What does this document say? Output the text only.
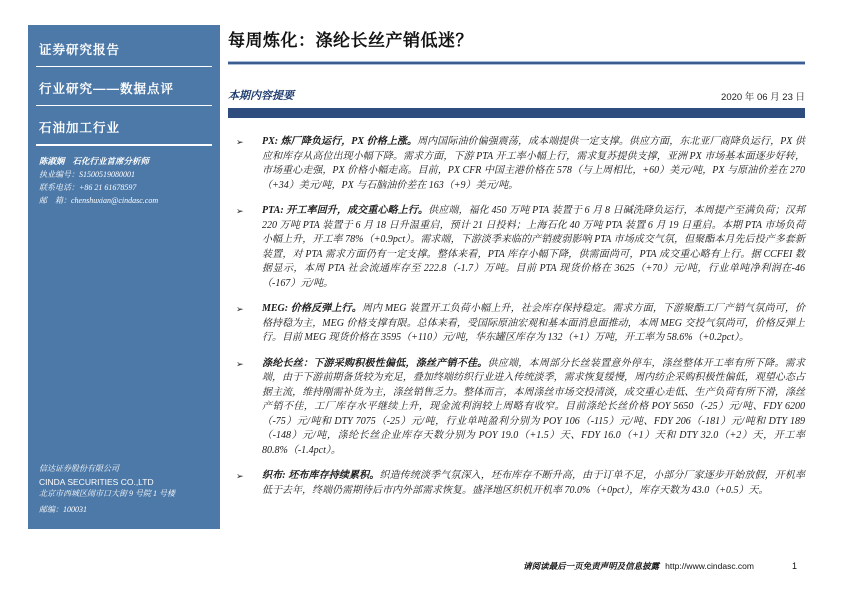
证券研究报告
行业研究——数据点评
石油加工行业
陈淑娴 石化行业首席分析师
执业编号：S1500519080001
联系电话：+86 21 61678597
邮　箱：chenshuxian@cindasc.com
信达证券股份有限公司
CINDA SECURITIES CO.,LTD
北京市西城区闹市口大街 9 号院 1 号楼
邮编：100031
每周炼化：涤纶长丝产销低迷？
本期内容提要	2020 年 06 月 23 日
➢ PX: 炼厂降负运行，PX 价格上涨。周内国际油价偏强震荡，成本端提供一定支撑。供应方面，东北亚厂商降负运行，PX 供应和库存从高位出现小幅下降。需求方面，下游 PTA 开工率小幅上行，需求复苏提供支撑，亚洲 PX 市场基本面逐步好转，市场重心走强，PX 价格小幅走高。目前，PX CFR 中国主港价格在 578（与上周相比，+60）美元/吨，PX 与原油价差在 270（+34）美元/吨，PX 与石脑油价差在 163（+9）美元/吨。
➢ PTA: 开工率回升，成交重心略上行。供应端，福化 450 万吨 PTA 装置于 6 月 8 日碱洗降负运行，本周提产至满负荷；汉邦 220 万吨 PTA 装置于 6 月 18 日升温重启，预计 21 日投料；上海石化 40 万吨 PTA 装置 6 月 19 日重启。本期 PTA 市场负荷小幅上升，开工率 78%（+0.9pct）。需求端，下游淡季来临的产销疲弱影响 PTA 市场成交气氛，但聚酯本月先后投产多套新装置，对 PTA 需求方面仍有一定支撑。整体来看，PTA 库存小幅下降，供需面尚可，PTA 成交重心略有上行。据 CCFEI 数据显示，本周 PTA 社会流通库存至 222.8（-1.7）万吨。目前 PTA 现货价格在 3625（+70）元/吨，行业单吨净利润在-46（-167）元/吨。
➢ MEG: 价格反弹上行。周内 MEG 装置开工负荷小幅上升，社会库存保持稳定。需求方面，下游聚酯工厂产销气氛尚可，价格持稳为主，MEG 价格支撑有限。总体来看，受国际原油宏观和基本面消息面推动，本周 MEG 交投气氛尚可，价格反弹上行。目前 MEG 现货价格在 3595（+110）元/吨，华东罐区库存为 132（+1）万吨，开工率为 58.6%（+0.2pct）。
➢ 涤纶长丝：下游采购积极性偏低，涤丝产销不佳。供应端，本周部分长丝装置意外停车，涤丝整体开工率有所下降。需求端，由于下游前期备货较为充足，叠加终端纺织行业进入传统淡季，需求恢复缓慢，周内纺企采购积极性偏低，观望心态占据主流，维持刚需补货为主，涤丝销售乏力。整体而言，本周涤丝市场交投清淡，成交重心走低、生产负荷有所下滑，涤丝产销不佳，工厂库存水平继续上升，现金流利润较上周略有收窄。目前涤纶长丝价格 POY 5650（-25）元/吨、FDY 6200（-75）元/吨和 DTY 7075（-25）元/吨，行业单吨盈利分别为 POY 106（-115）元/吨、FDY 206（-181）元/吨和 DTY 189（-148）元/吨，涤纶长丝企业库存天数分别为 POY 19.0（+1.5）天、FDY 16.0（+1）天和 DTY 32.0（+2）天，开工率 80.8%（-1.4pct）。
➢ 织布: 坯布库存持续累积。织造传统淡季气氛深入，坯布库存不断升高，由于订单不足，小部分厂家逐步开始放假，开机率低于去年，终端仍需期待后市内外部需求恢复。盛泽地区织机开机率 70.0%（+0pct），库存天数为 43.0（+0.5）天。
请阅读最后一页免责声明及信息披露 http://www.cindasc.com	1
